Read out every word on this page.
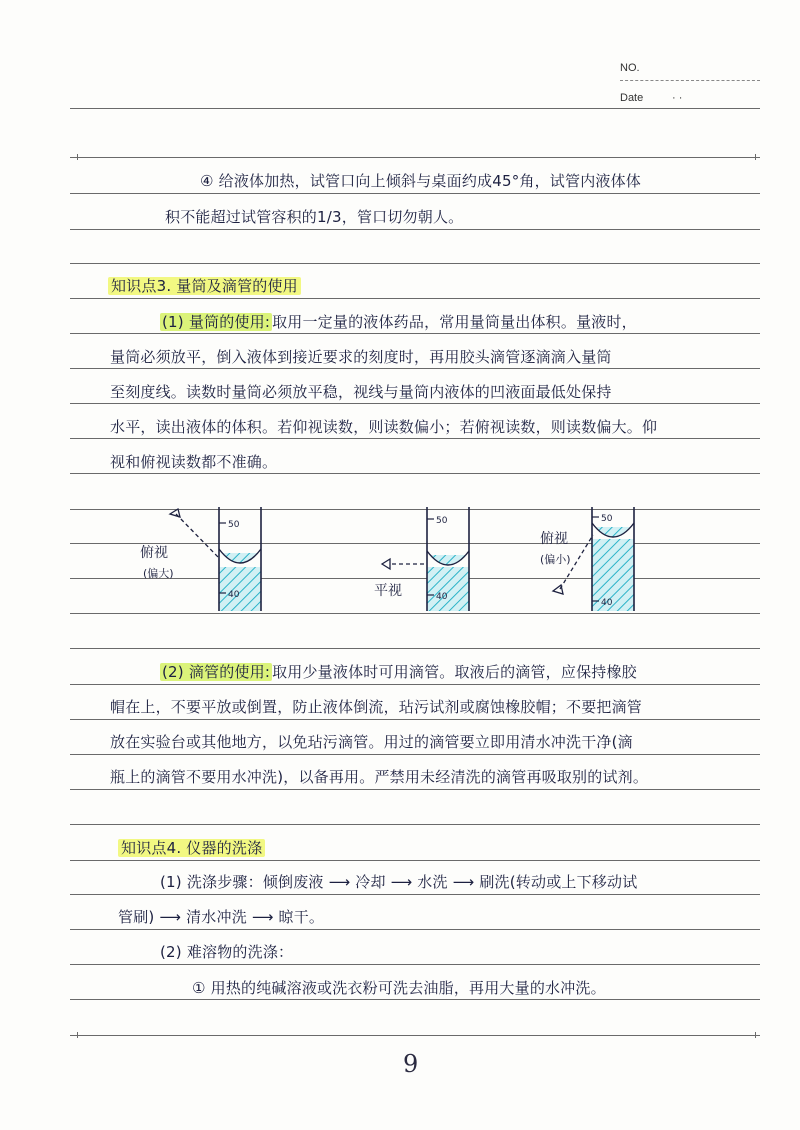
NO.
Date	· ·
④ 给液体加热，试管口向上倾斜与桌面约成45°角，试管内液体体
积不能超过试管容积的1/3，管口切勿朝人。
知识点3. 量筒及滴管的使用
(1) 量筒的使用: 取用一定量的液体药品，常用量筒量出体积。量液时，
量筒必须放平，倒入液体到接近要求的刻度时，再用胶头滴管逐滴滴入量筒
至刻度线。读数时量筒必须放平稳，视线与量筒内液体的凹液面最低处保持
水平，读出液体的体积。若仰视读数，则读数偏小；若俯视读数，则读数偏大。仰
视和俯视读数都不准确。
50
40
俯视
(偏大)
50
40
平视
50
40
俯视
(偏小)
(2) 滴管的使用: 取用少量液体时可用滴管。取液后的滴管，应保持橡胶
帽在上，不要平放或倒置，防止液体倒流，玷污试剂或腐蚀橡胶帽；不要把滴管
放在实验台或其他地方，以免玷污滴管。用过的滴管要立即用清水冲洗干净(滴
瓶上的滴管不要用水冲洗)，以备再用。严禁用未经清洗的滴管再吸取别的试剂。
知识点4. 仪器的洗涤
(1) 洗涤步骤：倾倒废液 ⟶ 冷却 ⟶ 水洗 ⟶ 刷洗(转动或上下移动试
管刷) ⟶ 清水冲洗 ⟶ 晾干。
(2) 难溶物的洗涤：
① 用热的纯碱溶液或洗衣粉可洗去油脂，再用大量的水冲洗。
9
